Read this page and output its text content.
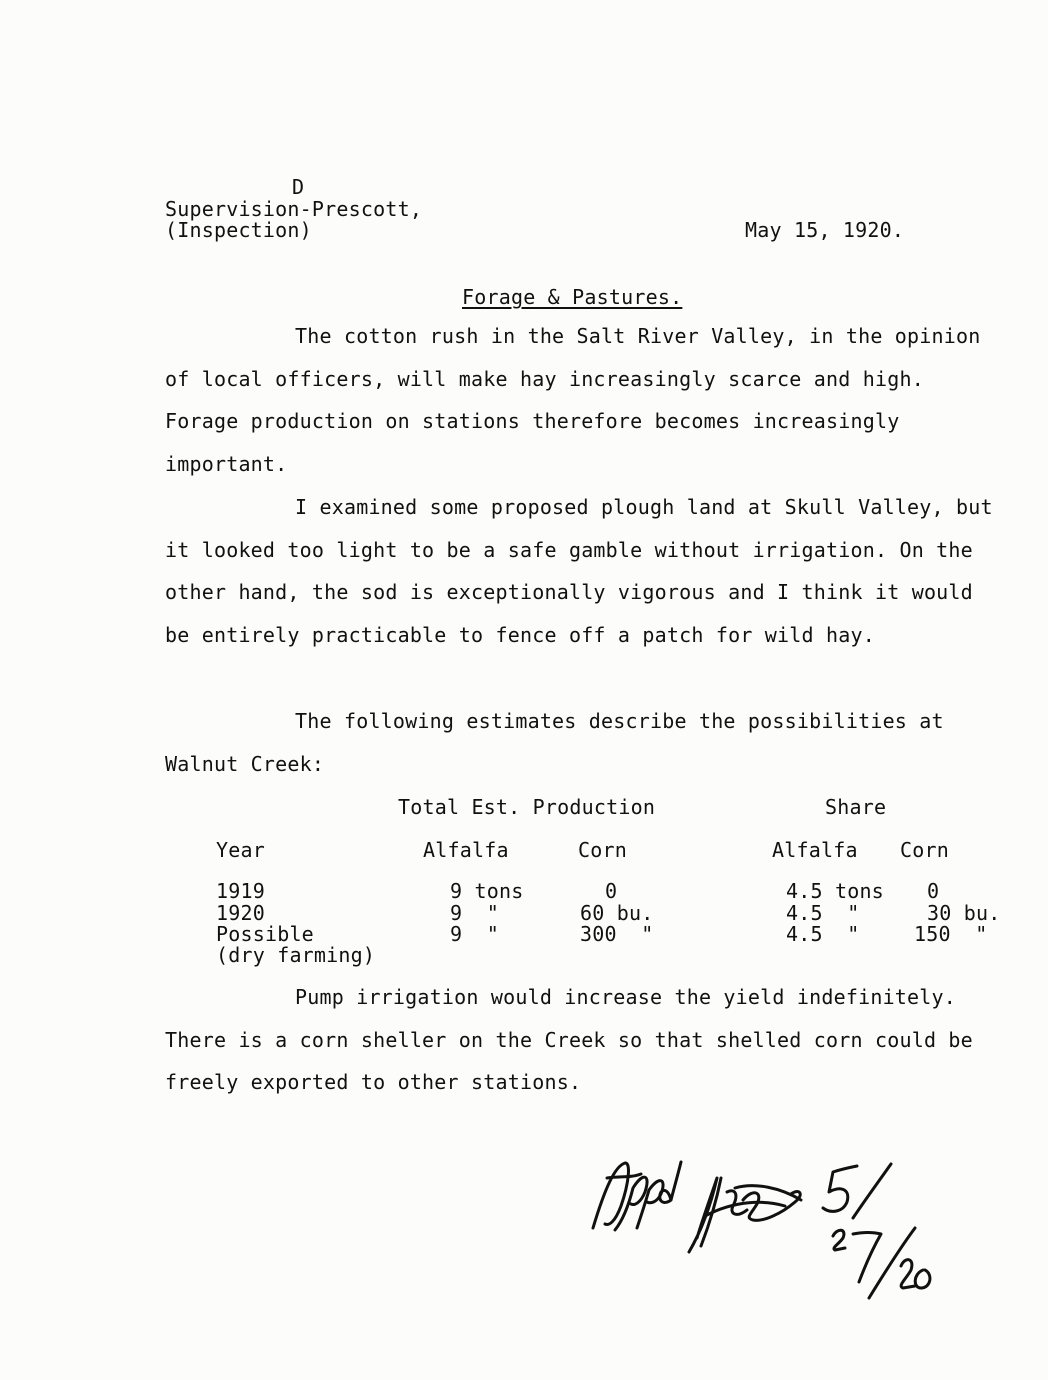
D
Supervision-Prescott,
(Inspection)	May 15, 1920.
Forage & Pastures.
The cotton rush in the Salt River Valley, in the opinion of local officers, will make hay increasingly scarce and high. Forage production on stations therefore becomes increasingly important.
I examined some proposed plough land at Skull Valley, but it looked too light to be a safe gamble without irrigation. On the other hand, the sod is exceptionally vigorous and I think it would be entirely practicable to fence off a patch for wild hay.
The following estimates describe the possibilities at Walnut Creek:
Total Est. Production	Share
Year	Alfalfa	Corn	Alfalfa Corn
1919	9 tons	0	4.5 tons 0
1920	9  "	60 bu.	4.5  "	30 bu.
Possible	9  "	300  "	4.5  "	150  "
(dry farming)
Pump irrigation would increase the yield indefinitely. There is a corn sheller on the Creek so that shelled corn could be freely exported to other stations.
